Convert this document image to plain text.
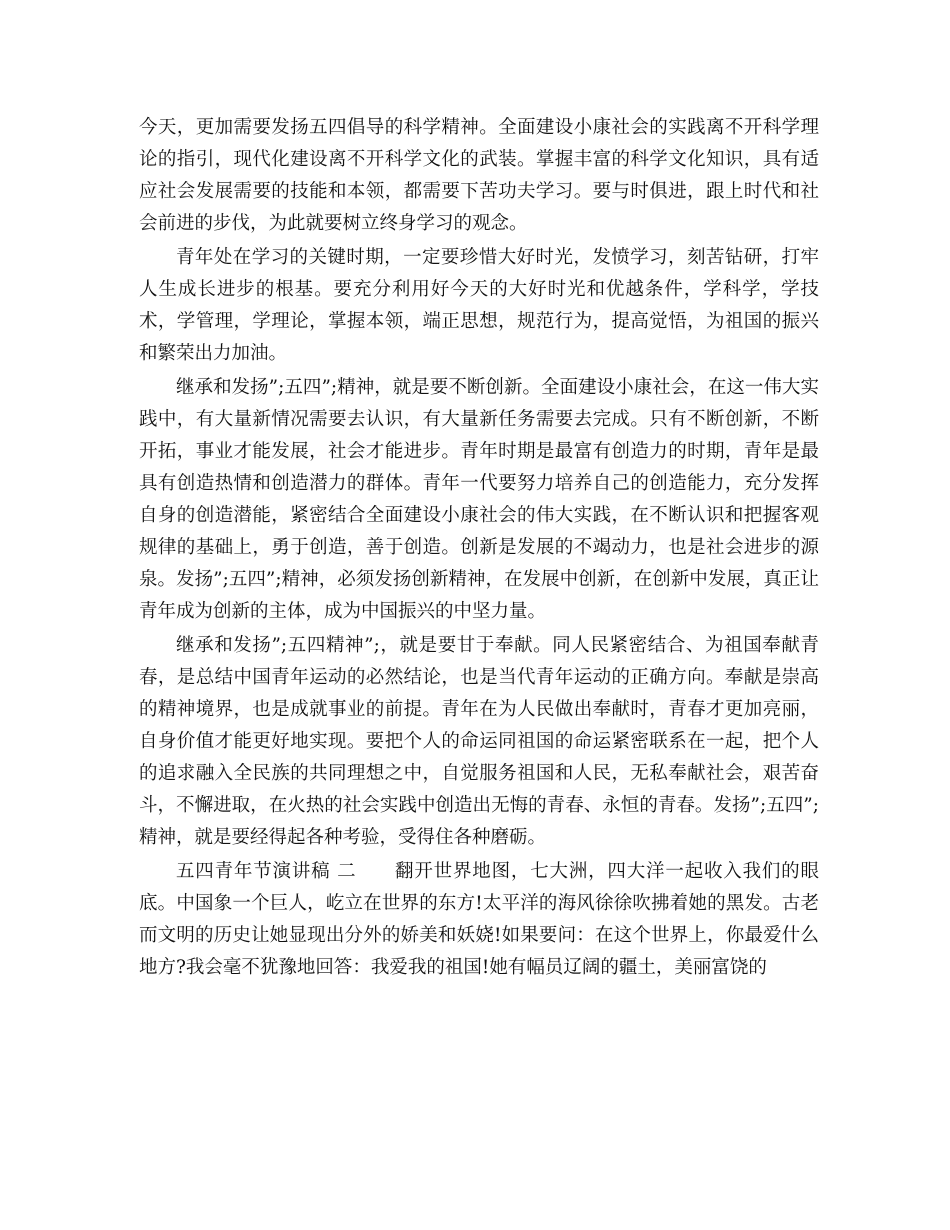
今天，更加需要发扬五四倡导的科学精神。全面建设小康社会的实践离不开科学理论的指引，现代化建设离不开科学文化的武装。掌握丰富的科学文化知识，具有适应社会发展需要的技能和本领，都需要下苦功夫学习。要与时俱进，跟上时代和社会前进的步伐，为此就要树立终身学习的观念。

青年处在学习的关键时期，一定要珍惜大好时光，发愤学习，刻苦钻研，打牢人生成长进步的根基。要充分利用好今天的大好时光和优越条件，学科学，学技术，学管理，学理论，掌握本领，端正思想，规范行为，提高觉悟，为祖国的振兴和繁荣出力加油。

继承和发扬”;五四”;精神，就是要不断创新。全面建设小康社会，在这一伟大实践中，有大量新情况需要去认识，有大量新任务需要去完成。只有不断创新，不断开拓，事业才能发展，社会才能进步。青年时期是最富有创造力的时期，青年是最具有创造热情和创造潜力的群体。青年一代要努力培养自己的创造能力，充分发挥自身的创造潜能，紧密结合全面建设小康社会的伟大实践，在不断认识和把握客观规律的基础上，勇于创造，善于创造。创新是发展的不竭动力，也是社会进步的源泉。发扬”;五四”;精神，必须发扬创新精神，在发展中创新，在创新中发展，真正让青年成为创新的主体，成为中国振兴的中坚力量。

继承和发扬”;五四精神”;，就是要甘于奉献。同人民紧密结合、为祖国奉献青春，是总结中国青年运动的必然结论，也是当代青年运动的正确方向。奉献是崇高的精神境界，也是成就事业的前提。青年在为人民做出奉献时，青春才更加亮丽，自身价值才能更好地实现。要把个人的命运同祖国的命运紧密联系在一起，把个人的追求融入全民族的共同理想之中，自觉服务祖国和人民，无私奉献社会，艰苦奋斗，不懈进取，在火热的社会实践中创造出无悔的青春、永恒的青春。发扬”;五四”;精神，就是要经得起各种考验，受得住各种磨砺。

五四青年节演讲稿 二　　翻开世界地图，七大洲，四大洋一起收入我们的眼底。中国象一个巨人，屹立在世界的东方!太平洋的海风徐徐吹拂着她的黑发。古老而文明的历史让她显现出分外的娇美和妖娆!如果要问：在这个世界上，你最爱什么地方?我会毫不犹豫地回答：我爱我的祖国!她有幅员辽阔的疆土，美丽富饶的
